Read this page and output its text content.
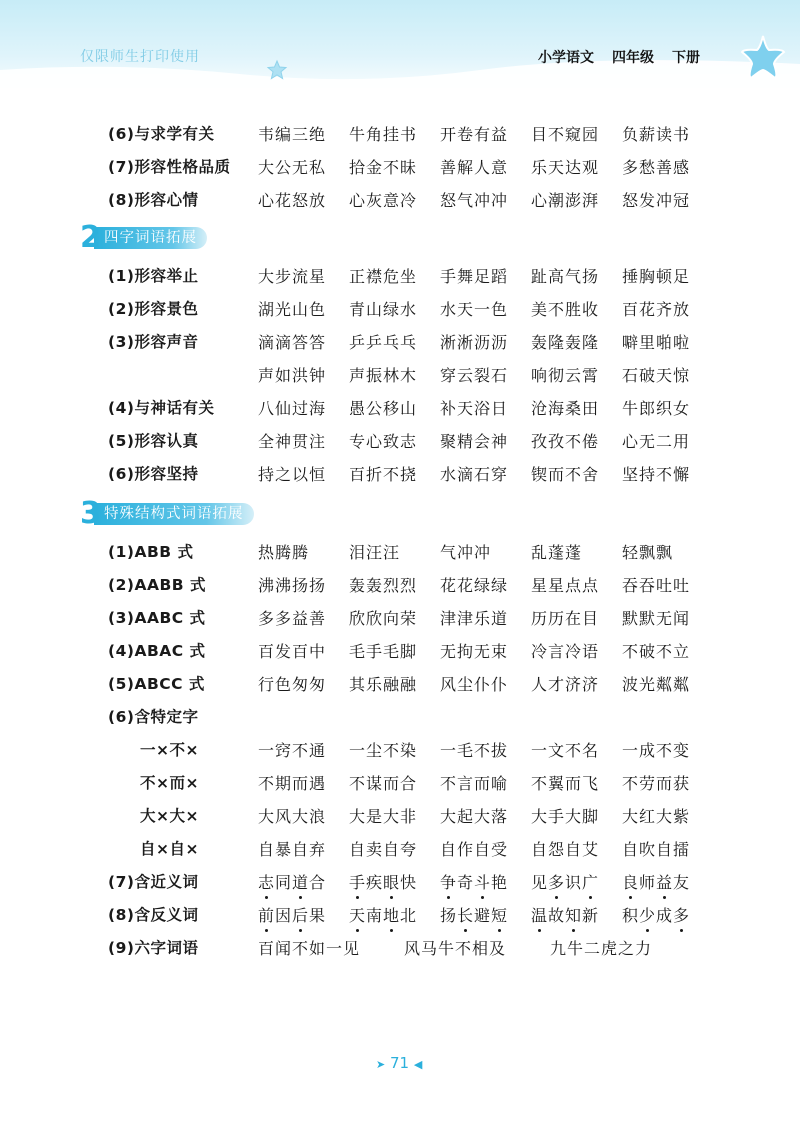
仅限师生打印使用	小学语文 四年级 下册
(6)与求学有关	韦编三绝 牛角挂书 开卷有益 目不窥园 负薪读书
(7)形容性格品质 大公无私 拾金不昧 善解人意 乐天达观 多愁善感
(8)形容心情	心花怒放 心灰意冷 怒气冲冲 心潮澎湃 怒发冲冠
四字词语拓展
2
(1)形容举止	大步流星 正襟危坐 手舞足蹈 趾高气扬 捶胸顿足
(2)形容景色	湖光山色 青山绿水 水天一色 美不胜收 百花齐放
(3)形容声音	滴滴答答 乒乒乓乓 淅淅沥沥 轰隆轰隆 噼里啪啦
声如洪钟 声振林木 穿云裂石 响彻云霄 石破天惊
(4)与神话有关	八仙过海 愚公移山 补天浴日 沧海桑田 牛郎织女
(5)形容认真	全神贯注 专心致志 聚精会神 孜孜不倦 心无二用
(6)形容坚持	持之以恒 百折不挠 水滴石穿 锲而不舍 坚持不懈
特殊结构式词语拓展
3
(1)ABB 式	热腾腾 泪汪汪 气冲冲 乱蓬蓬 轻飘飘
(2)AABB 式	沸沸扬扬 轰轰烈烈 花花绿绿 星星点点 吞吞吐吐
(3)AABC 式	多多益善 欣欣向荣 津津乐道 历历在目 默默无闻
(4)ABAC 式	百发百中 毛手毛脚 无拘无束 冷言冷语 不破不立
(5)ABCC 式	行色匆匆 其乐融融 风尘仆仆 人才济济 波光粼粼
(6)含特定字
一×不×	一窍不通 一尘不染 一毛不拔 一文不名 一成不变
不×而×	不期而遇 不谋而合 不言而喻 不翼而飞 不劳而获
大×大×	大风大浪 大是大非 大起大落 大手大脚 大红大紫
自×自×	自暴自弃 自卖自夸 自作自受 自怨自艾 自吹自擂
(7)含近义词	志同道合 手疾眼快 争奇斗艳 见多识广 良师益友
(8)含反义词	前因后果 天南地北 扬长避短 温故知新 积少成多
(9)六字词语	百闻不如一见	风马牛不相及	九牛二虎之力
➤ 71 ◀
